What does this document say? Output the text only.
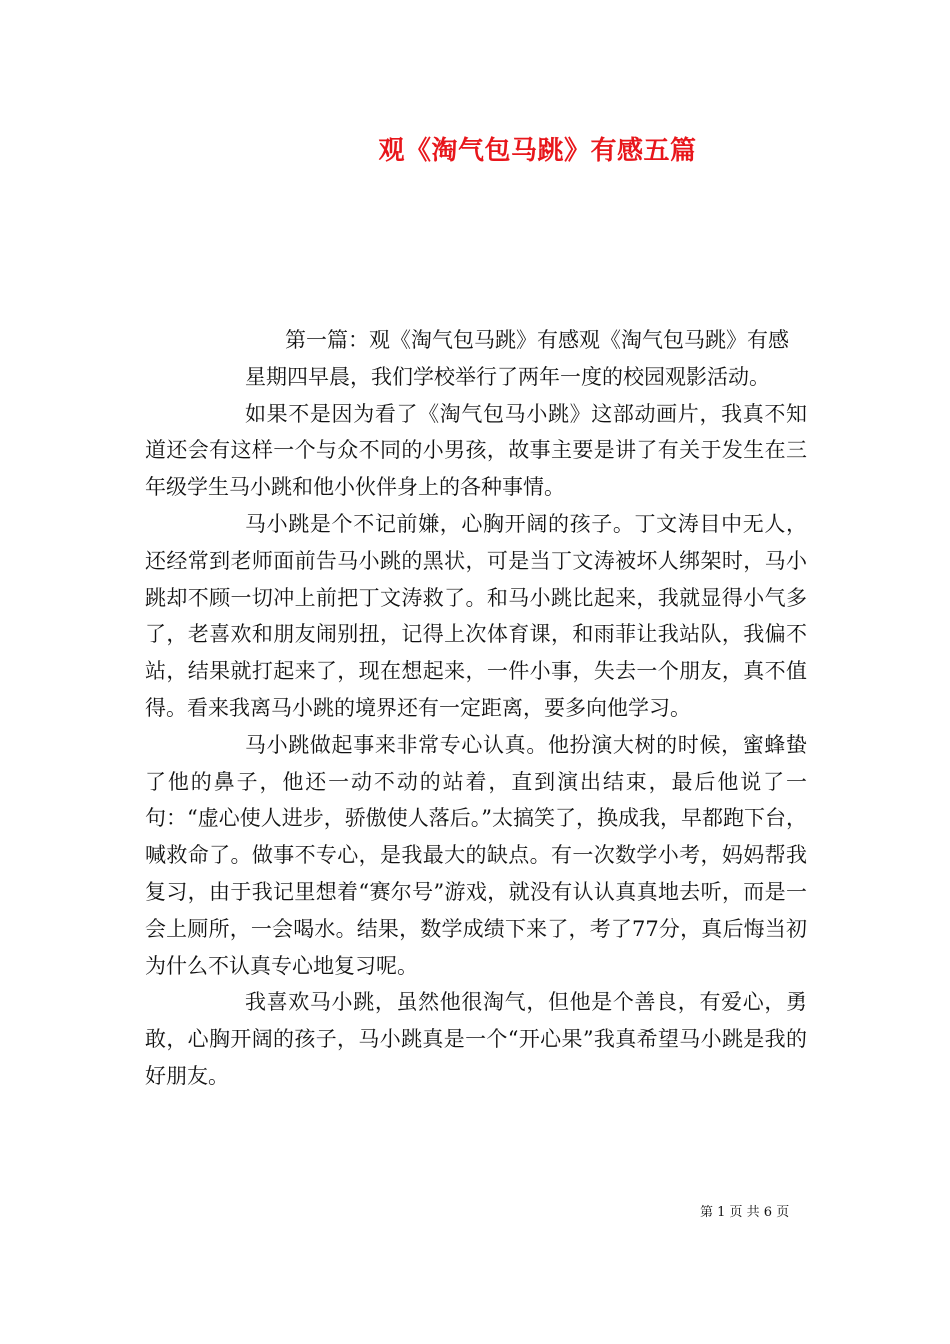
观《淘气包马跳》有感五篇

第一篇：观《淘气包马跳》有感观《淘气包马跳》有感

星期四早晨，我们学校举行了两年一度的校园观影活动。

如果不是因为看了《淘气包马小跳》这部动画片，我真不知道还会有这样一个与众不同的小男孩，故事主要是讲了有关于发生在三年级学生马小跳和他小伙伴身上的各种事情。

马小跳是个不记前嫌，心胸开阔的孩子。丁文涛目中无人，还经常到老师面前告马小跳的黑状，可是当丁文涛被坏人绑架时，马小跳却不顾一切冲上前把丁文涛救了。和马小跳比起来，我就显得小气多了，老喜欢和朋友闹别扭，记得上次体育课，和雨菲让我站队，我偏不站，结果就打起来了，现在想起来，一件小事，失去一个朋友，真不值得。看来我离马小跳的境界还有一定距离，要多向他学习。

马小跳做起事来非常专心认真。他扮演大树的时候，蜜蜂蛰了他的鼻子，他还一动不动的站着，直到演出结束，最后他说了一句：“虚心使人进步，骄傲使人落后。”太搞笑了，换成我，早都跑下台，喊救命了。做事不专心，是我最大的缺点。有一次数学小考，妈妈帮我复习，由于我记里想着“赛尔号”游戏，就没有认认真真地去听，而是一会上厕所，一会喝水。结果，数学成绩下来了，考了77分，真后悔当初为什么不认真专心地复习呢。

我喜欢马小跳，虽然他很淘气，但他是个善良，有爱心，勇敢，心胸开阔的孩子，马小跳真是一个“开心果”我真希望马小跳是我的好朋友。

第 1 页 共 6 页
